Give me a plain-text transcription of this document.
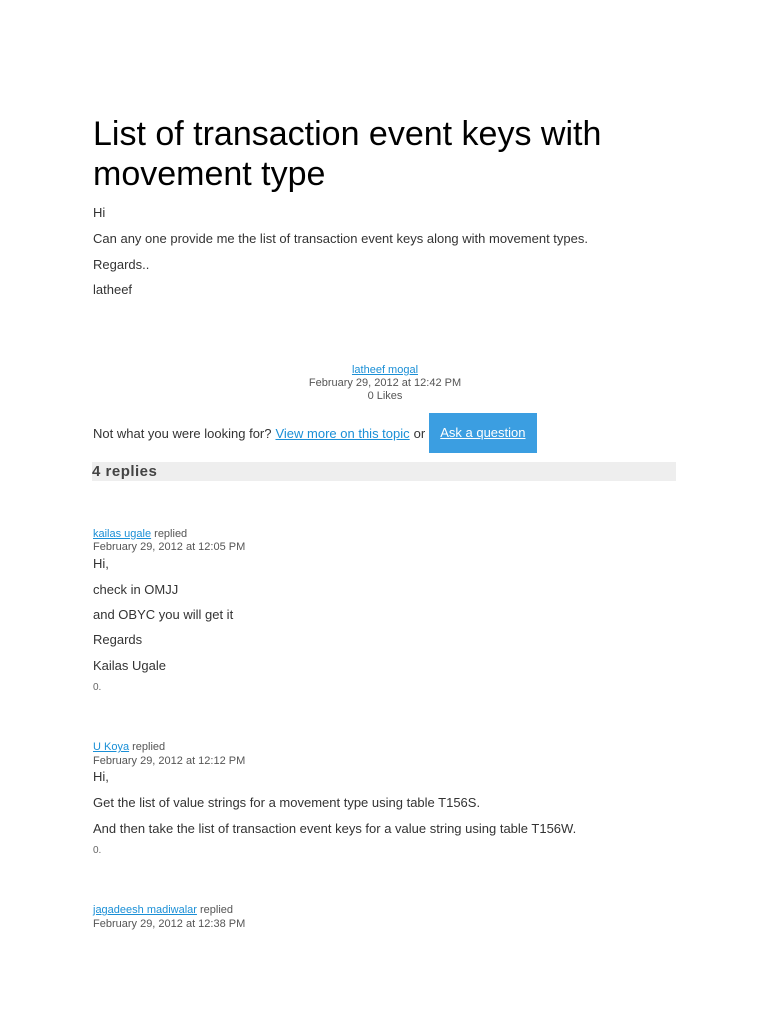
List of transaction event keys with movement type
Hi
Can any one provide me the list of transaction event keys along with movement types.
Regards..
latheef
latheef mogal
February 29, 2012 at 12:42 PM
0 Likes
Not what you were looking for? View more on this topic or	Ask a question
4 replies
kailas ugale replied
February 29, 2012 at 12:05 PM
Hi,
check in OMJJ
and OBYC you will get it
Regards
Kailas Ugale
0.
U Koya replied
February 29, 2012 at 12:12 PM
Hi,
Get the list of value strings for a movement type using table T156S.
And then take the list of transaction event keys for a value string using table T156W.
0.
jagadeesh madiwalar replied
February 29, 2012 at 12:38 PM
